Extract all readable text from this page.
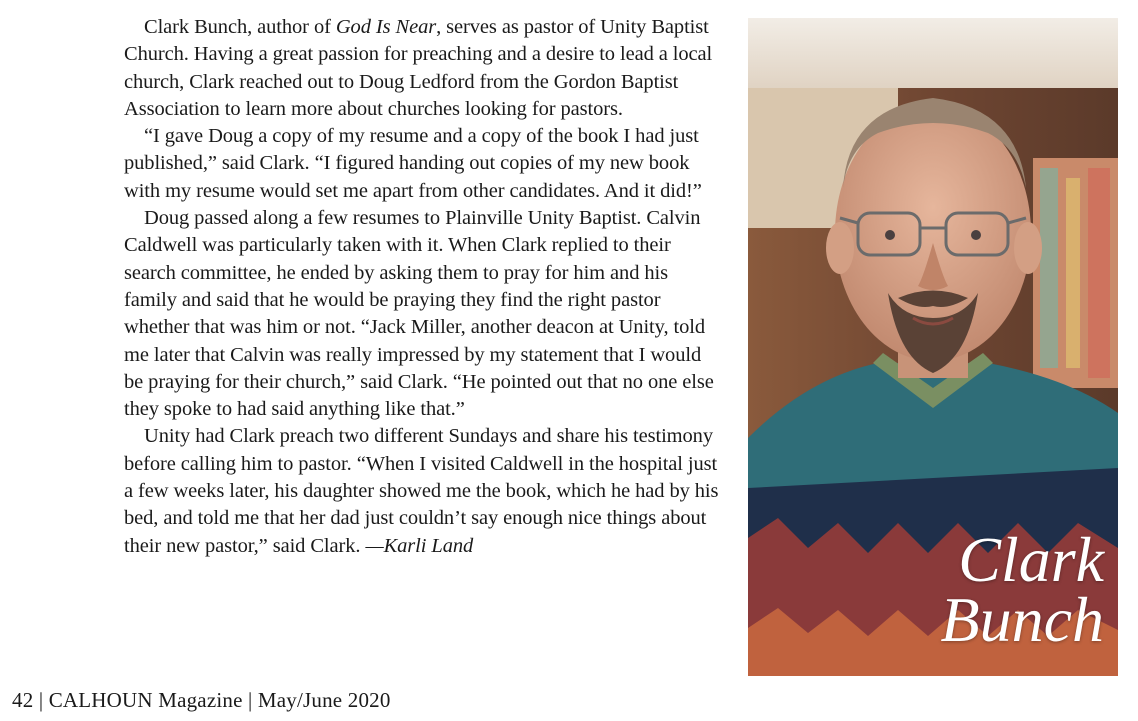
Clark Bunch, author of God Is Near, serves as pastor of Unity Baptist Church. Having a great passion for preaching and a desire to lead a local church, Clark reached out to Doug Ledford from the Gordon Baptist Association to learn more about churches looking for pastors.

“I gave Doug a copy of my resume and a copy of the book I had just published,” said Clark. “I figured handing out copies of my new book with my resume would set me apart from other candidates. And it did!”

Doug passed along a few resumes to Plainville Unity Baptist. Calvin Caldwell was particularly taken with it. When Clark replied to their search committee, he ended by asking them to pray for him and his family and said that he would be praying they find the right pastor whether that was him or not. “Jack Miller, another deacon at Unity, told me later that Calvin was really impressed by my statement that I would be praying for their church,” said Clark. “He pointed out that no one else they spoke to had said anything like that.”

Unity had Clark preach two different Sundays and share his testimony before calling him to pastor. “When I visited Caldwell in the hospital just a few weeks later, his daughter showed me the book, which he had by his bed, and told me that her dad just couldn’t say enough nice things about their new pastor,” said Clark. —Karli Land	Clark
Bunch
42 | CALHOUN Magazine | May/June 2020
